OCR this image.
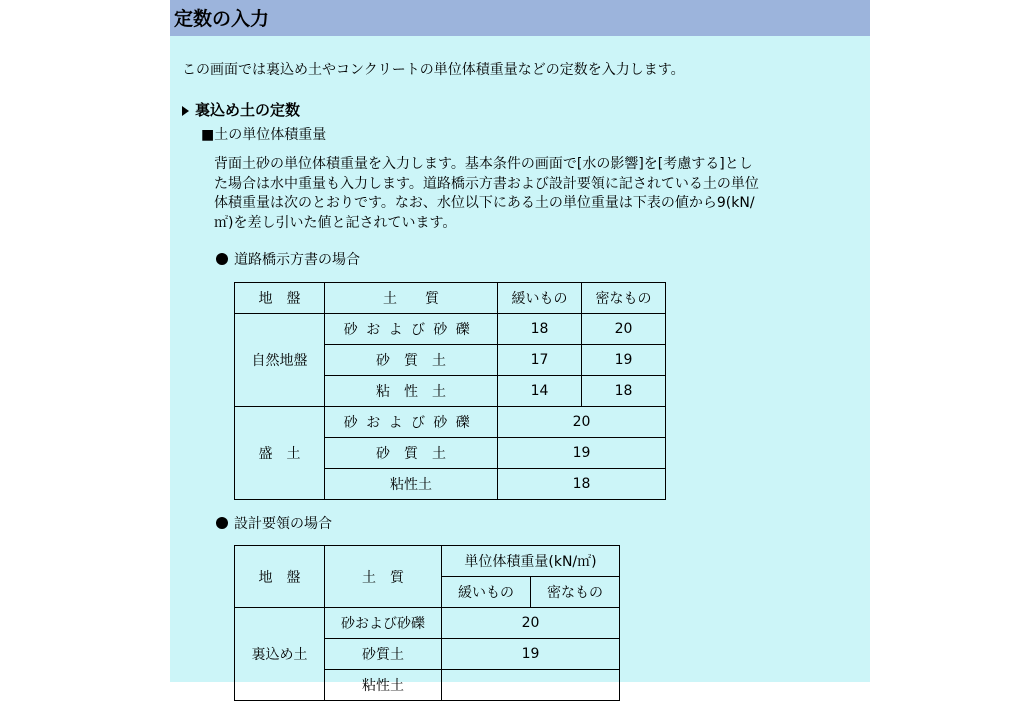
定数の入力
この画面では裏込め土やコンクリートの単位体積重量などの定数を入力します。
裏込め土の定数
■土の単位体積重量
背面土砂の単位体積重量を入力します。基本条件の画面で[水の影響]を[考慮する]とし
た場合は水中重量も入力します。道路橋示方書および設計要領に記されている土の単位
体積重量は次のとおりです。なお、水位以下にある土の単位重量は下表の値から9(kN/
㎡)を差し引いた値と記されています。
道路橋示方書の場合
地　盤	土　　質	緩いもの	密なもの
自然地盤	砂および砂礫	18	20
	砂　質　土	17	19
	粘　性　土	14	18
盛　土	砂および砂礫	20	
	砂　質　土	19	
	粘性土	18	
設計要領の場合
地　盤	土　質	単位体積重量(kN/㎡)	
		緩いもの	密なもの
裏込め土	砂および砂礫	20	
	砂質土	19	
	粘性土		
